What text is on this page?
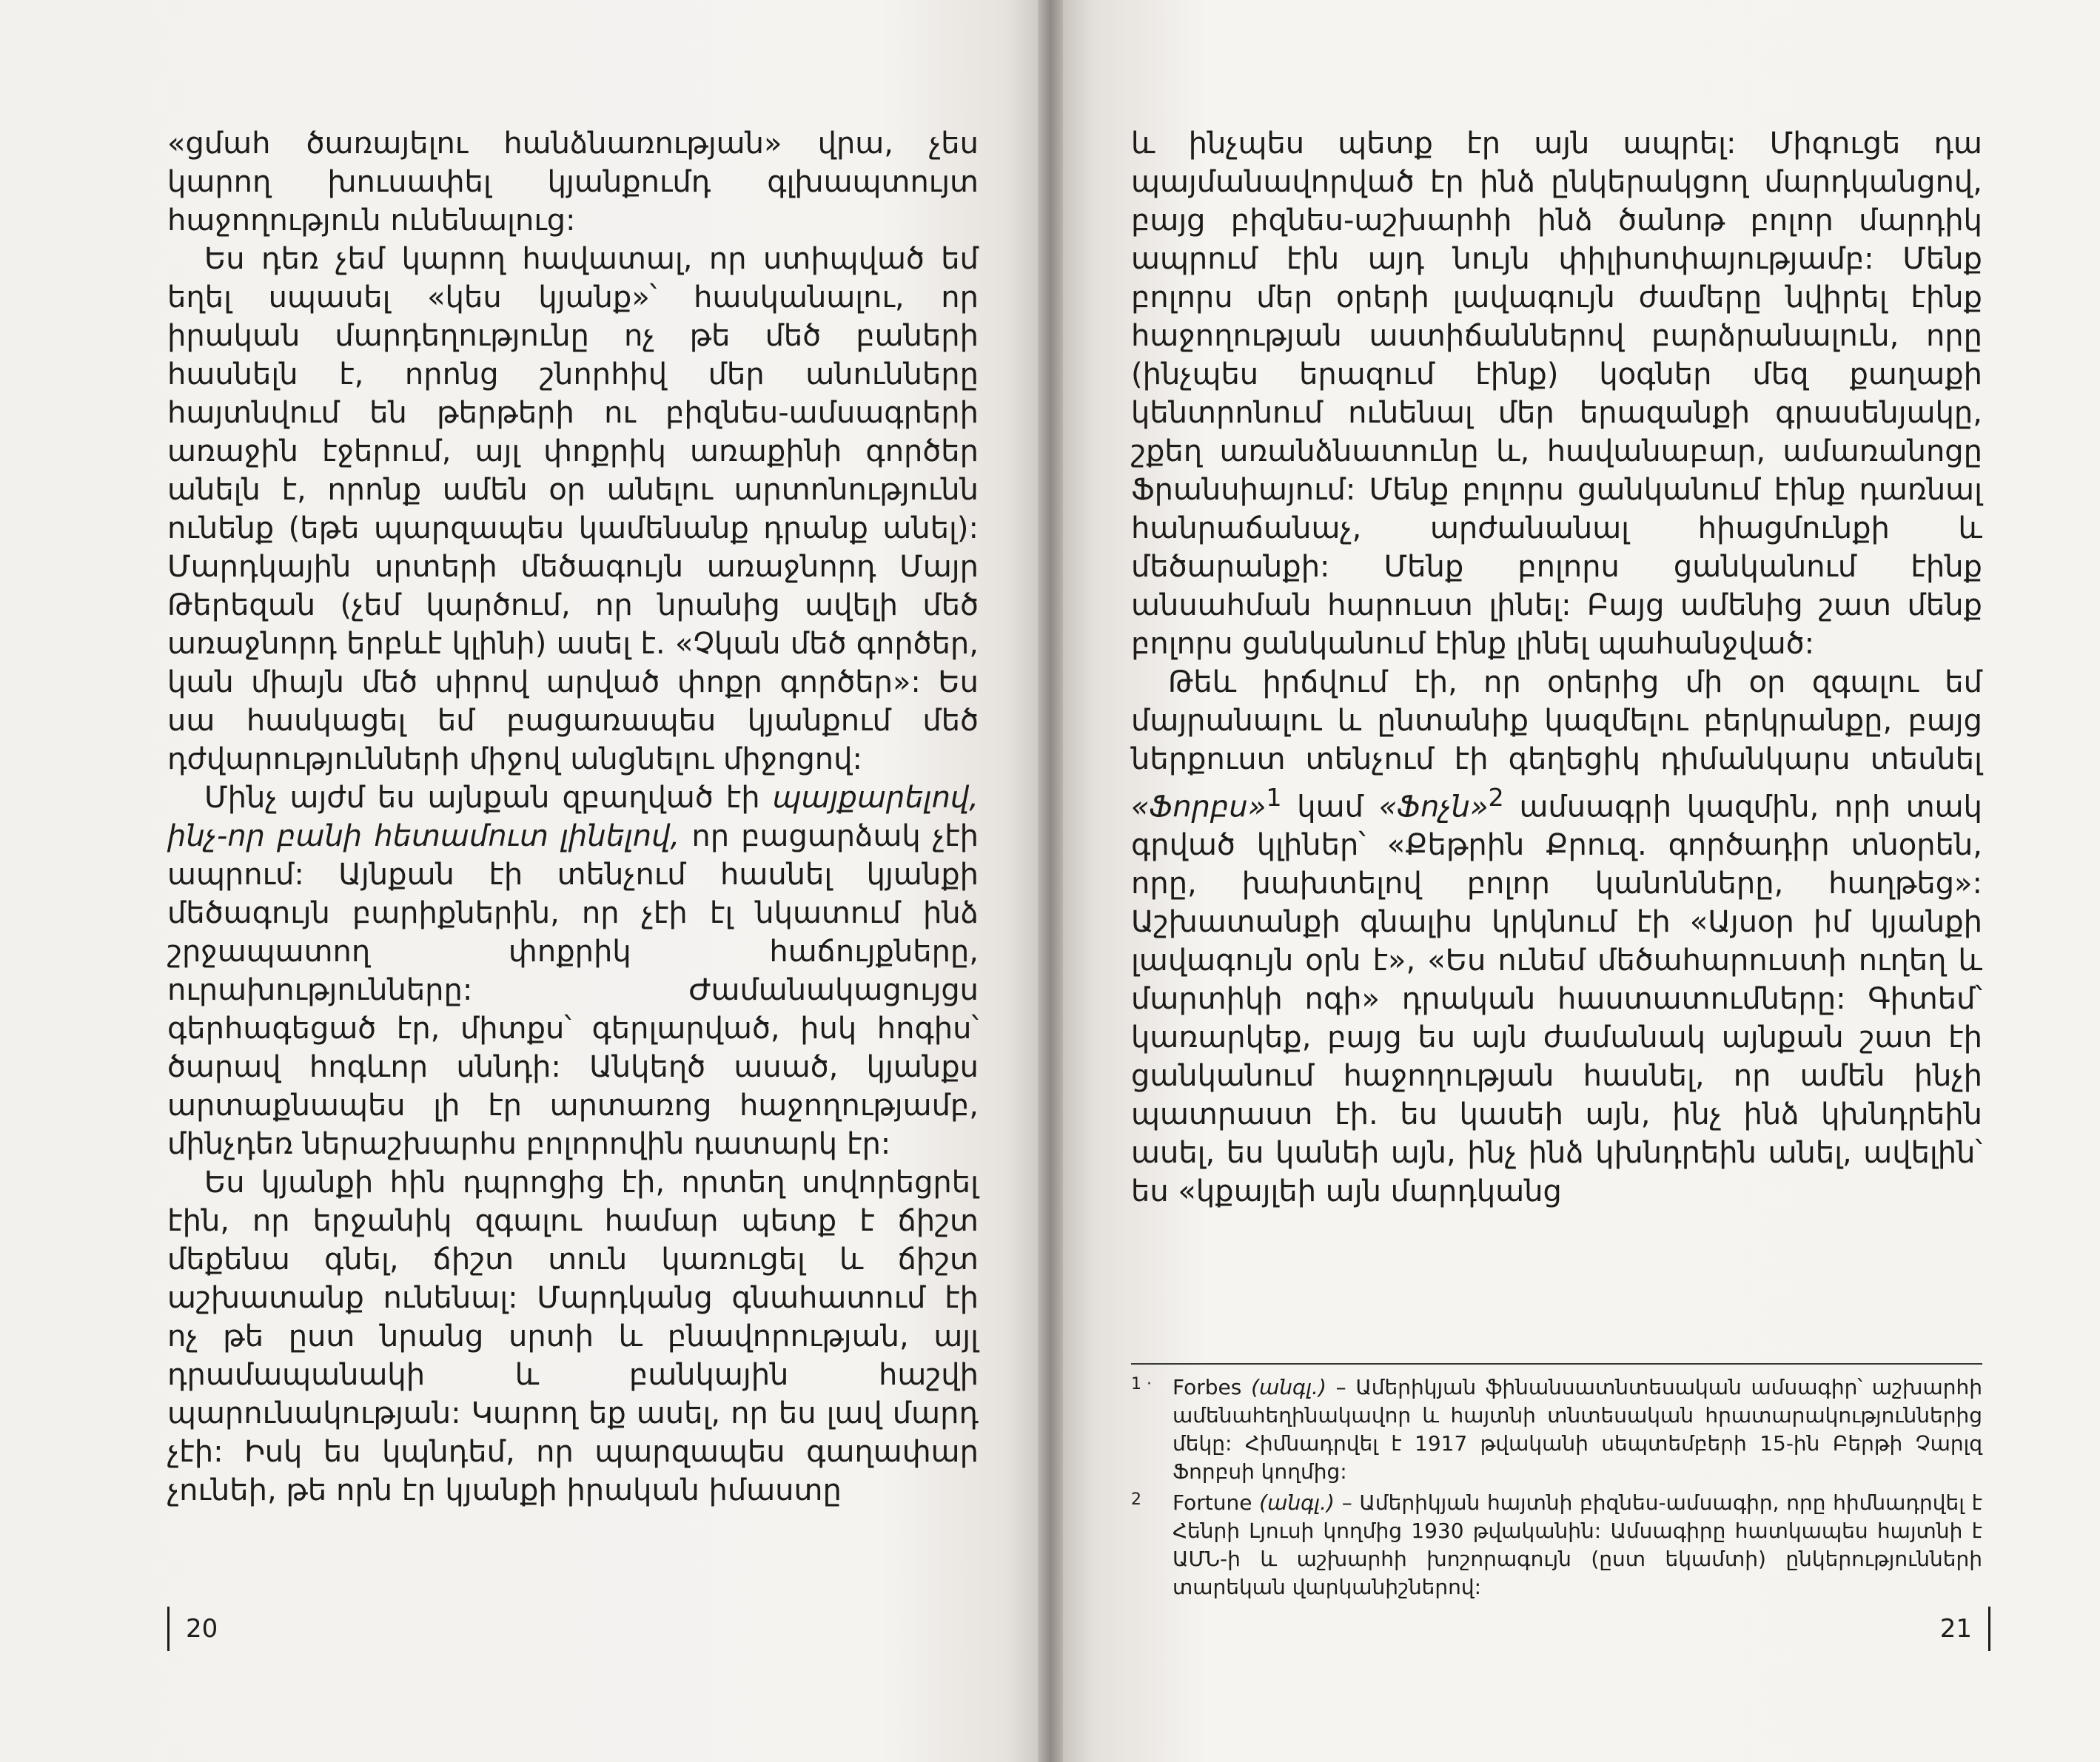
«ցմահ ծառայելու հանձնառության» վրա, չես կարող խուսափել կյանքումդ գլխապտույտ հաջողություն ունենալուց:

Ես դեռ չեմ կարող հավատալ, որ ստիպված եմ եղել սպասել «կես կյանք»՝ հասկանալու, որ իրական մարդեղությունը ոչ թե մեծ բաների հասնելն է, որոնց շնորհիվ մեր անունները հայտնվում են թերթերի ու բիզնես-ամսագրերի առաջին էջերում, այլ փոքրիկ առաքինի գործեր անելն է, որոնք ամեն օր անելու արտոնությունն ունենք (եթե պարզապես կամենանք դրանք անել): Մարդկային սրտերի մեծագույն առաջնորդ Մայր Թերեզան (չեմ կարծում, որ նրանից ավելի մեծ առաջնորդ երբևէ կլինի) ասել է. «Չկան մեծ գործեր, կան միայն մեծ սիրով արված փոքր գործեր»: Ես սա հասկացել եմ բացառապես կյանքում մեծ դժվարությունների միջով անցնելու միջոցով:

Մինչ այժմ ես այնքան զբաղված էի պայքարելով, ինչ-որ բանի հետամուտ լինելով, որ բացարձակ չէի ապրում: Այնքան էի տենչում հասնել կյանքի մեծագույն բարիքներին, որ չէի էլ նկատում ինձ շրջապատող փոքրիկ հաճույքները, ուրախությունները: Ժամանակացույցս գերհագեցած էր, միտքս՝ գերլարված, իսկ հոգիս՝ ծարավ հոգևոր սննդի: Անկեղծ ասած, կյանքս արտաքնապես լի էր արտառոց հաջողությամբ, մինչդեռ ներաշխարհս բոլորովին դատարկ էր:

Ես կյանքի հին դպրոցից էի, որտեղ սովորեցրել էին, որ երջանիկ զգալու համար պետք է ճիշտ մեքենա գնել, ճիշտ տուն կառուցել և ճիշտ աշխատանք ունենալ: Մարդկանց գնահատում էի ոչ թե ըստ նրանց սրտի և բնավորության, այլ դրամապանակի և բանկային հաշվի պարունակության: Կարող եք ասել, որ ես լավ մարդ չէի: Իսկ ես կպնդեմ, որ պարզապես գաղափար չունեի, թե որն էր կյանքի իրական իմաստը

20

և ինչպես պետք էր այն ապրել: Միգուցե դա պայմանավորված էր ինձ ընկերակցող մարդկանցով, բայց բիզնես-աշխարհի ինձ ծանոթ բոլոր մարդիկ ապրում էին այդ նույն փիլիսոփայությամբ: Մենք բոլորս մեր օրերի լավագույն ժամերը նվիրել էինք հաջողության աստիճաններով բարձրանալուն, որը (ինչպես երազում էինք) կօգներ մեզ քաղաքի կենտրոնում ունենալ մեր երազանքի գրասենյակը, շքեղ առանձնատունը և, հավանաբար, ամառանոցը Ֆրանսիայում: Մենք բոլորս ցանկանում էինք դառնալ հանրաճանաչ, արժանանալ հիացմունքի և մեծարանքի: Մենք բոլորս ցանկանում էինք անսահման հարուստ լինել: Բայց ամենից շատ մենք բոլորս ցանկանում էինք լինել պահանջված:

Թեև իրճվում էի, որ օրերից մի օր զգալու եմ մայրանալու և ընտանիք կազմելու բերկրանքը, բայց ներքուստ տենչում էի գեղեցիկ դիմանկարս տեսնել «Ֆորբս»$^1$ կամ «Ֆոչն»$^2$ ամսագրի կազմին, որի տակ գրված կլիներ՝ «Քեթրին Քրուզ. գործադիր տնօրեն, որը, խախտելով բոլոր կանոնները, հաղթեց»: Աշխատանքի գնալիս կրկնում էի «Այսօր իմ կյանքի լավագույն օրն է», «Ես ունեմ մեծահարուստի ուղեղ և մարտիկի ոգի» դրական հաստատումները: Գիտեմ՝ կառարկեք, բայց ես այն ժամանակ այնքան շատ էի ցանկանում հաջողության հասնել, որ ամեն ինչի պատրաստ էի. ես կասեի այն, ինչ ինձ կխնդրեին ասել, ես կանեի այն, ինչ ինձ կխնդրեին անել, ավելին՝ ես «կքայլեի այն մարդկանց

1 · Forbes (անգլ.) – Ամերիկյան ֆինանսատնտեսական ամսագիր՝ աշխարհի ամենահեղինակավոր և հայտնի տնտեսական հրատարակություններից մեկը: Հիմնադրվել է 1917 թվականի սեպտեմբերի 15-ին Բերթի Չարլզ Ֆորբսի կողմից:
2 Fortune (անգլ.) – Ամերիկյան հայտնի բիզնես-ամսագիր, որը հիմնադրվել է Հենրի Լյուսի կողմից 1930 թվականին: Ամսագիրը հատկապես հայտնի է ԱՄՆ-ի և աշխարհի խոշորագույն (ըստ եկամտի) ընկերությունների տարեկան վարկանիշներով:
21
